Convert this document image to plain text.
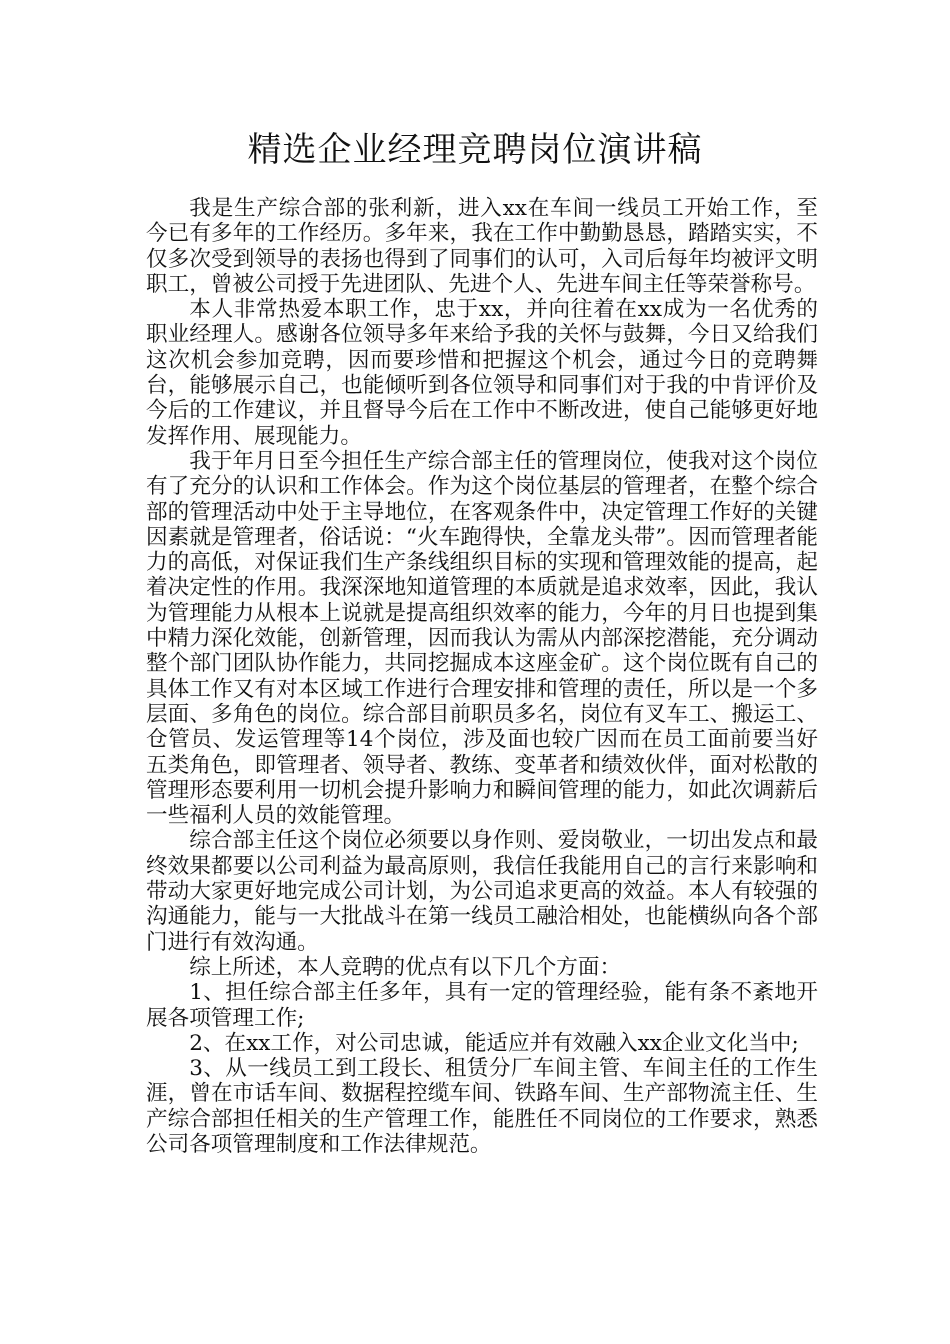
精选企业经理竞聘岗位演讲稿

我是生产综合部的张利新，进入xx在车间一线员工开始工作，至今已有多年的工作经历。多年来，我在工作中勤勤恳恳，踏踏实实，不仅多次受到领导的表扬也得到了同事们的认可，入司后每年均被评文明职工，曾被公司授于先进团队、先进个人、先进车间主任等荣誉称号。

本人非常热爱本职工作，忠于xx，并向往着在xx成为一名优秀的职业经理人。感谢各位领导多年来给予我的关怀与鼓舞，今日又给我们这次机会参加竞聘，因而要珍惜和把握这个机会，通过今日的竞聘舞台，能够展示自己，也能倾听到各位领导和同事们对于我的中肯评价及今后的工作建议，并且督导今后在工作中不断改进，使自己能够更好地发挥作用、展现能力。

我于年月日至今担任生产综合部主任的管理岗位，使我对这个岗位有了充分的认识和工作体会。作为这个岗位基层的管理者，在整个综合部的管理活动中处于主导地位，在客观条件中，决定管理工作好的关键因素就是管理者，俗话说：“火车跑得快，全靠龙头带”。因而管理者能力的高低，对保证我们生产条线组织目标的实现和管理效能的提高，起着决定性的作用。我深深地知道管理的本质就是追求效率，因此，我认为管理能力从根本上说就是提高组织效率的能力，今年的月日也提到集中精力深化效能，创新管理，因而我认为需从内部深挖潜能，充分调动整个部门团队协作能力，共同挖掘成本这座金矿。这个岗位既有自己的具体工作又有对本区域工作进行合理安排和管理的责任，所以是一个多层面、多角色的岗位。综合部目前职员多名，岗位有叉车工、搬运工、仓管员、发运管理等14个岗位，涉及面也较广因而在员工面前要当好五类角色，即管理者、领导者、教练、变革者和绩效伙伴，面对松散的管理形态要利用一切机会提升影响力和瞬间管理的能力，如此次调薪后一些福利人员的效能管理。

综合部主任这个岗位必须要以身作则、爱岗敬业，一切出发点和最终效果都要以公司利益为最高原则，我信任我能用自己的言行来影响和带动大家更好地完成公司计划，为公司追求更高的效益。本人有较强的沟通能力，能与一大批战斗在第一线员工融洽相处，也能横纵向各个部门进行有效沟通。

综上所述，本人竞聘的优点有以下几个方面：

1、担任综合部主任多年，具有一定的管理经验，能有条不紊地开展各项管理工作;

2、在xx工作，对公司忠诚，能适应并有效融入xx企业文化当中;

3、从一线员工到工段长、租赁分厂车间主管、车间主任的工作生涯，曾在市话车间、数据程控缆车间、铁路车间、生产部物流主任、生产综合部担任相关的生产管理工作，能胜任不同岗位的工作要求，熟悉公司各项管理制度和工作法律规范。
